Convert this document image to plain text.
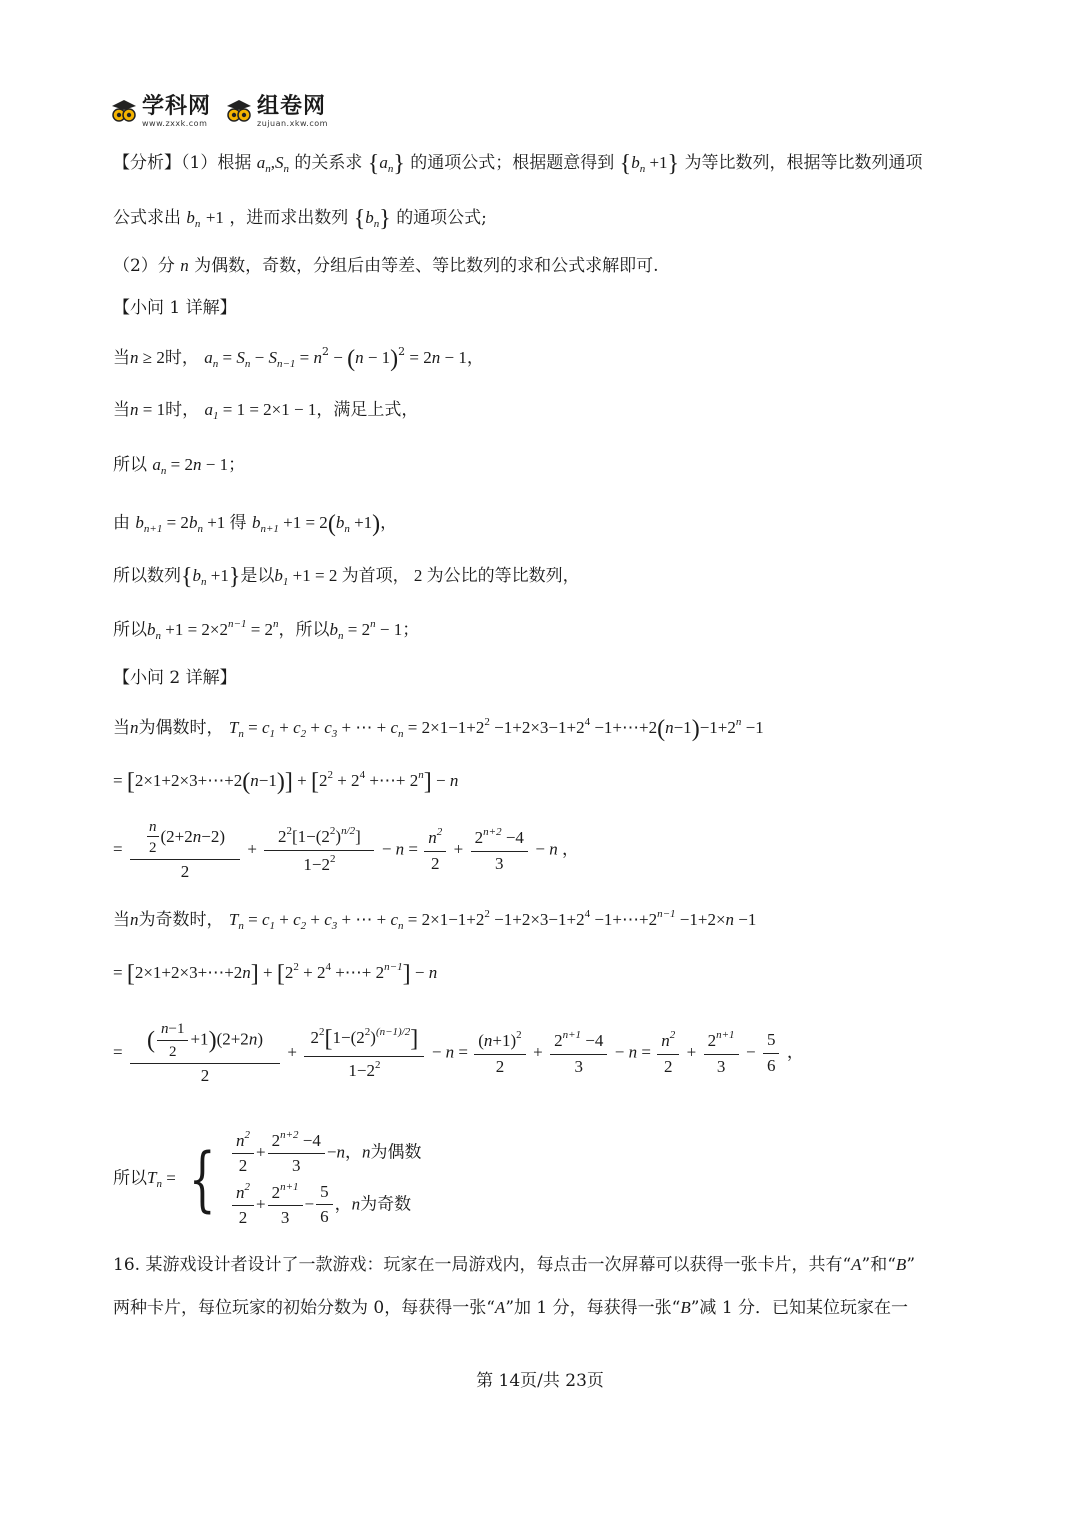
学科网
www.zxxk.com
组卷网
zujuan.xkw.com
【分析】（1）根据 $a_n,S_n$ 的关系求 $\{a_n\}$ 的通项公式；根据题意得到 $\{b_n +1\}$ 为等比数列，根据等比数列通项
公式求出 $b_n +1$ ，进而求出数列 $\{b_n\}$ 的通项公式;
（2）分 n 为偶数，奇数，分组后由等差、等比数列的求和公式求解即可.
【小问 1 详解】
当n ≥ 2时， $a_n = S_n - S_{n-1} = n^2 - (n - 1)^2 = 2n - 1$，
当n = 1时， $a_1 = 1 = 2\times 1 - 1$，满足上式，
所以 $a_n = 2n - 1$；
由 $b_{n+1} = 2b_n +1$ 得 $b_{n+1} +1 = 2(b_n +1)$，
所以数列$\{b_n +1\}$是以$b_1 +1 = 2$ 为首项， 2 为公比的等比数列，
所以$b_n +1 = 2\times 2^{n-1} = 2^n$，所以$b_n = 2^n - 1$；
【小问 2 详解】
当n为偶数时， $T_n = c_1 + c_2 + c_3$ + ⋯ + $c_n = 2\times 1-1+2^2 -1+2\times 3-1+2^4$ $-1+\cdots+2(n-1)-1+2^n -1$
= [2×1+2×3+⋯+2(n−1)] + [$2^2 + 2^4$ +⋯+ $2^n] - n$
= $\frac{\frac{n}{2} (2+2n-2)}{2} + \frac{2^2[1-(2^2)^{n/2}]}{1-2^2} - n = \frac{n^2}{2} + \frac{2^{n+2} -4}{3} - n$ ，
当n为奇数时， $T_n = c_1 + c_2 + c_3$ + ⋯ + $c_n = 2\times 1-1+2^2 -1+2\times 3-1+2^4$ $-1+\cdots+2^{n-1} -1+2\times n -1$
= [2×1+2×3+⋯+2n] + [$2^2 + 2^4$ +⋯+ $2^{n-1}] - n$
= $\frac{( \frac{n-1}{2} +1)(2+2n)}{2} + \frac{2^2[1-(2^2)^{(n-1)/2}]}{1-2^2} - n = \frac{(n+1)^2}{2} + \frac{2^{n+1} -4}{3} - n = \frac{n^2}{2} + \frac{2^{n+1}}{3} - \frac{5}{6}$ ，
所以$T_n$ = { $\frac{n^2}{2} + \frac{2^{n+2} -4}{3} -n$，n为偶数
$\frac{n^2}{2} + \frac{2^{n+1}}{3} - \frac{5}{6}$ ，n为奇数
16. 某游戏设计者设计了一款游戏：玩家在一局游戏内，每点击一次屏幕可以获得一张卡片，共有“A”和“B”
两种卡片，每位玩家的初始分数为 0，每获得一张“A”加 1 分，每获得一张“B”减 1 分．已知某位玩家在一
第 14页/共 23页
